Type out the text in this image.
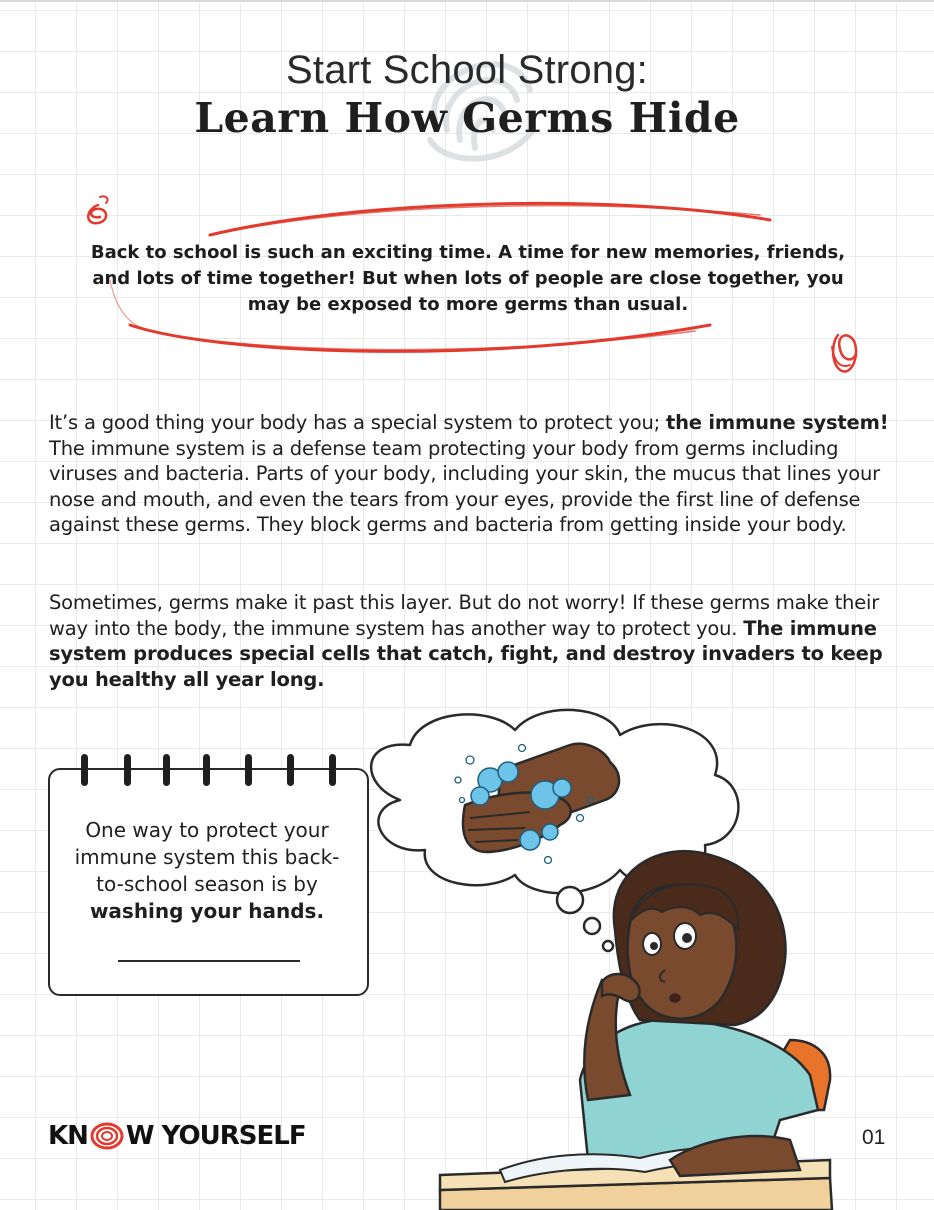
Start School Strong:
Learn How Germs Hide
Back to school is such an exciting time. A time for new memories, friends, and lots of time together! But when lots of people are close together, you may be exposed to more germs than usual.

It’s a good thing your body has a special system to protect you; the immune system! The immune system is a defense team protecting your body from germs including viruses and bacteria. Parts of your body, including your skin, the mucus that lines your nose and mouth, and even the tears from your eyes, provide the first line of defense against these germs. They block germs and bacteria from getting inside your body.

Sometimes, germs make it past this layer. But do not worry! If these germs make their way into the body, the immune system has another way to protect you. The immune system produces special cells that catch, fight, and destroy invaders to keep you healthy all year long.

One way to protect your immune system this back-to-school season is by washing your hands.
KN W YOURSELF	01
